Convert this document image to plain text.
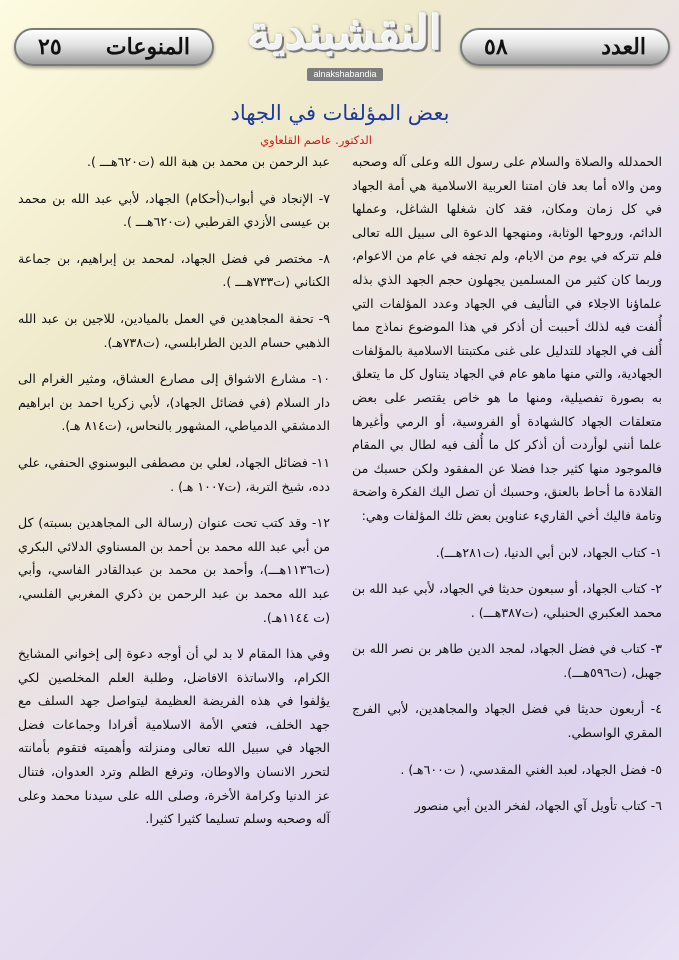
٢٥ المنوعات النقشبندية
alnakshabandia
٥٨	العدد
بعض المؤلفات في الجهاد
الدكتور. عاصم القلعاوي

الحمدلله والصلاة والسلام على رسول الله وعلى آله وصحبه ومن والاه أما بعد فان امتنا العربية الاسلامية هي أمة الجهاد في كل زمان ومكان، فقد كان شغلها الشاغل، وعملها الدائم، وروحها الوثابة، ومنهجها الدعوة الى سبيل الله تعالى فلم تتركه في يوم من الايام، ولم تجفه في عام من الاعوام، وربما كان كثير من المسلمين يجهلون حجم الجهد الذي بذله علماؤنا الاجلاء في التأليف في الجهاد وعدد المؤلفات التي أُلفت فيه لذلك أحببت أن أذكر في هذا الموضوع نماذج مما أُلف في الجهاد للتدليل على غنى مكتبتنا الاسلامية بالمؤلفات الجهادية، والتي منها ماهو عام في الجهاد يتناول كل ما يتعلق به بصورة تفصيلية، ومنها ما هو خاص يقتصر على بعض متعلقات الجهاد كالشهادة أو الفروسية، أو الرمي وأغيرها علما أنني لوأردت أن أذكر كل ما أُلف فيه لطال بي المقام فالموجود منها كثير جدا فضلا عن المفقود ولكن حسبك من القلادة ما أحاط بالعنق، وحسبك أن تصل اليك الفكرة واضحة وتامة فاليك أخي القاريء عناوين بعض تلك المؤلفات وهي:

١- كتاب الجهاد، لابن أبي الدنيا، (ت٢٨١هـــ).

٢- كتاب الجهاد، أو سبعون حديثا في الجهاد، لأبي عبد الله بن محمد العكبري الحنبلي، (ت٣٨٧هـــ) .

٣- كتاب في فضل الجهاد، لمجد الدين طاهر بن نصر الله بن جهبل، (ت٥٩٦هـــ).

٤- أربعون حديثا في فضل الجهاد والمجاهدين، لأبي الفرج المقري الواسطي.

٥- فضل الجهاد، لعبد الغني المقدسي، ( ت٦٠٠هـ) .

٦- كتاب تأويل آي الجهاد، لفخر الدين أبي منصور

عبد الرحمن بن محمد بن هبة الله (ت٦٢٠هـــ ).

٧- الإنجاد في أبواب(أحكام) الجهاد، لأبي عبد الله بن محمد بن عيسى الأزدي القرطبي (ت٦٢٠هـــ ).

٨- مختصر في فضل الجهاد، لمحمد بن إبراهيم، بن جماعة الكناني (ت٧٣٣هـــ ).

٩- تحفة المجاهدين في العمل بالميادين، للاجين بن عبد الله الذهبي حسام الدين الطرابلسي، (ت٧٣٨هـ).

١٠- مشارع الاشواق إلى مصارع العشاق، ومثير الغرام الى دار السلام (في فضائل الجهاد)، لأبي زكريا احمد بن ابراهيم الدمشقي الدمياطي، المشهور بالنحاس، (ت٨١٤ هـ).

١١- فضائل الجهاد، لعلي بن مصطفى البوسنوي الحنفي، علي دده، شيخ التربة، (ت١٠٠٧ هـ) .

١٢- وقد كتب تحت عنوان (رسالة الى المجاهدين بسبته) كل من أبي عبد الله محمد بن أحمد بن المسناوي الدلائي البكري (ت١١٣٦هـــ)، وأحمد بن محمد بن عبدالقادر الفاسي، وأبي عبد الله محمد بن عبد الرحمن بن ذكري المغربي الفلسي، (ت ١١٤٤هـ).

وفي هذا المقام لا بد لي أن أوجه دعوة إلى إخواني المشايخ الكرام، والاساتذة الافاضل، وطلبة العلم المخلصين لكي يؤلفوا في هذه الفريضة العظيمة ليتواصل جهد السلف مع جهد الخلف، فتعي الأمة الاسلامية أفرادا وجماعات فضل الجهاد في سبيل الله تعالى ومنزلته وأهميته فتقوم بأمانته لتحرر الانسان والاوطان، وترفع الظلم وترد العدوان، فتنال عز الدنيا وكرامة الأخرة، وصلى الله على سيدنا محمد وعلى آله وصحبه وسلم تسليما كثيرا كثيرا.
